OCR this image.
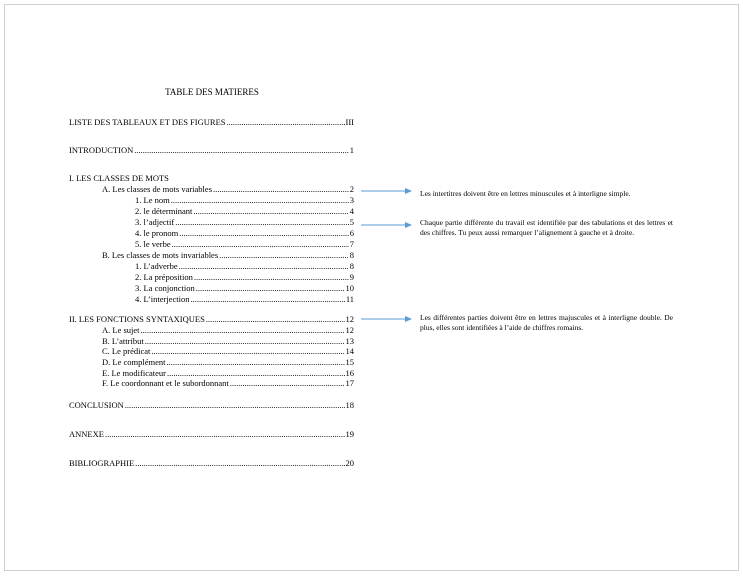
TABLE DES MATIERES
LISTE DES TABLEAUX ET DES FIGURES .....	III
INTRODUCTION .....	1
I. LES CLASSES DE MOTS
A. Les classes de mots variables .....	2
1. Le nom .....	3
2. le déterminant .....	4
3. l’adjectif .....	5
4. le pronom .....	6
5. le verbe .....	7
B. Les classes de mots invariables .....	8
1. L’adverbe .....	8
2. La préposition .....	9
3. La conjonction .....	10
4. L’interjection .....	11
II. LES FONCTIONS SYNTAXIQUES .....	12
A. Le sujet .....	12
B. L’attribut .....	13
C. Le prédicat .....	14
D. Le complément .....	15
E. Le modificateur .....	16
F. Le coordonnant et le subordonnant .....	17
CONCLUSION .....	18
ANNEXE .....	19
BIBLIOGRAPHIE .....	20
Les intertitres doivent être en lettres minuscules et à interligne simple.
Chaque partie différente du travail est identifiée par des tabulations et des lettres et des chiffres. Tu peux aussi remarquer l’alignement à gauche et à droite.
Les différentes parties doivent être en lettres majuscules et à interligne double. De plus, elles sont identifiées à l’aide de chiffres romains.
